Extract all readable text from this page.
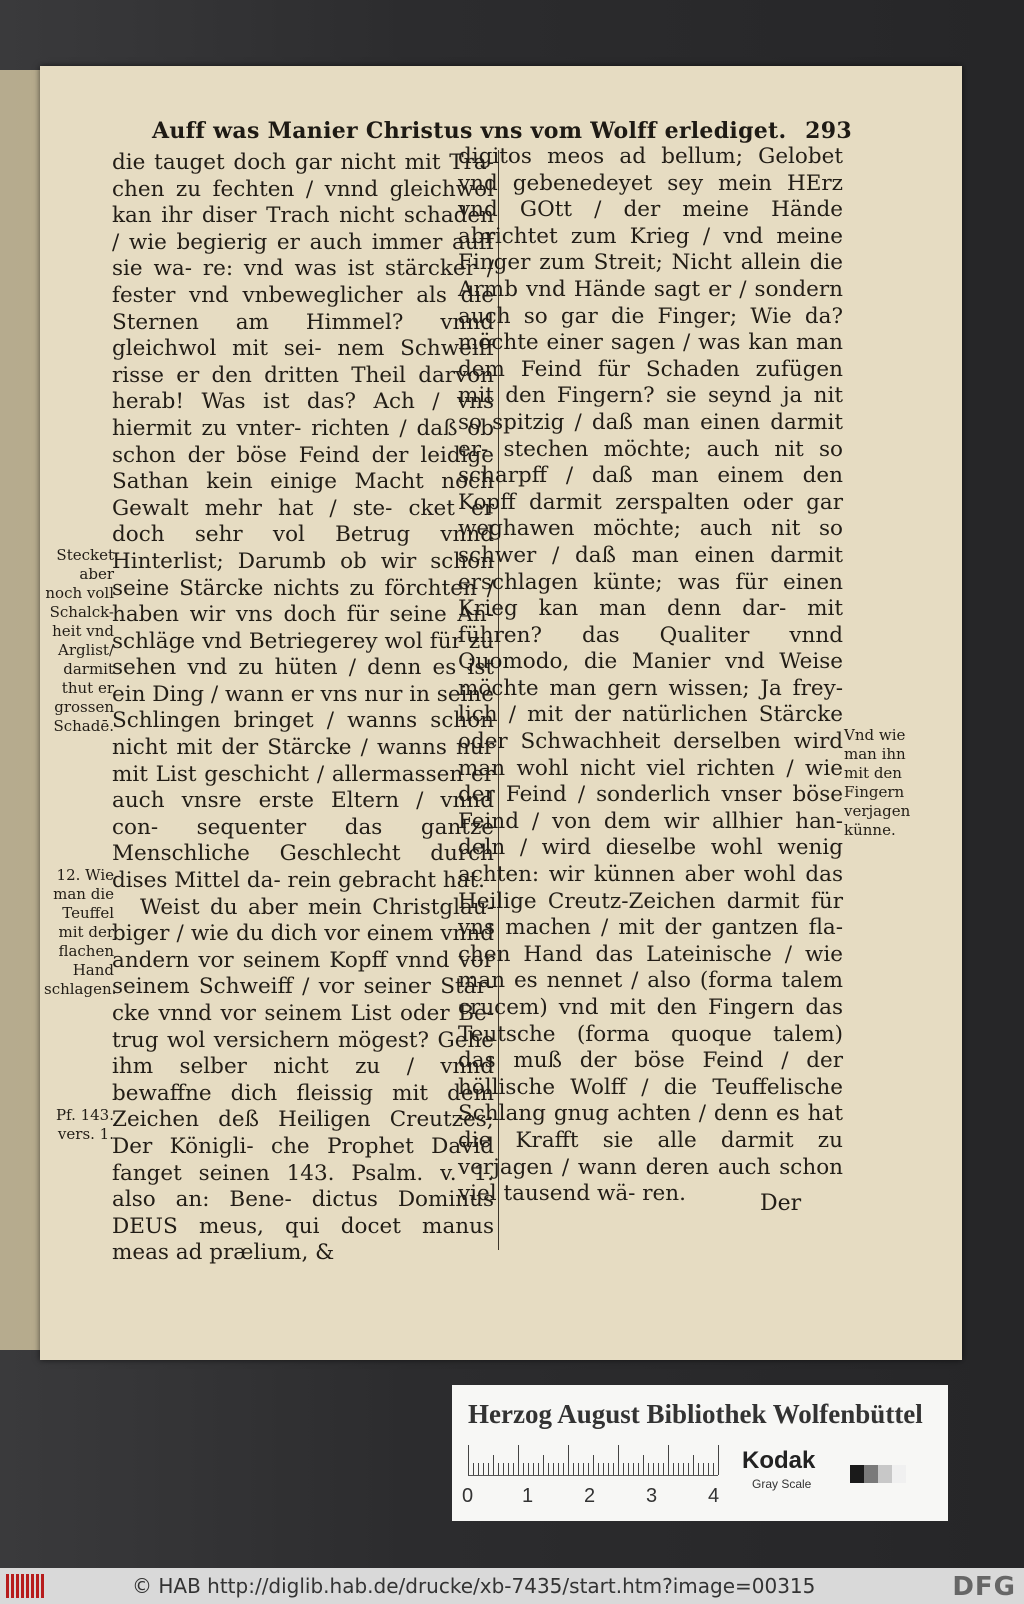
Auff was Manier Christus vns vom Wolff erlediget. 293

die tauget doch gar nicht mit Tra- chen zu fechten / vnnd gleichwol kan ihr diser Trach nicht schaden / wie begierig er auch immer auff sie wa- re: vnd was ist stärcker / fester vnd vnbeweglicher als die Sternen am Himmel? vnnd gleichwol mit sei- nem Schweiff risse er den dritten Theil darvon herab! Was ist das? Ach / vns hiermit zu vnter- richten / daß ob schon der böse Feind der leidige Sathan kein einige Macht noch Gewalt mehr hat / ste- cket er doch sehr vol Betrug vnnd Hinterlist; Darumb ob wir schon seine Stärcke nichts zu förchten / haben wir vns doch für seine An- schläge vnd Betriegerey wol für zu sehen vnd zu hüten / denn es ist ein Ding / wann er vns nur in seine Schlingen bringet / wanns schon nicht mit der Stärcke / wanns nur mit List geschicht / allermassen er auch vnsre erste Eltern / vnnd con- sequenter das gantze Menschliche Geschlecht durch dises Mittel da- rein gebracht hat.

Weist du aber mein Christglau- biger / wie du dich vor einem vnnd andern vor seinem Kopff vnnd vor seinem Schweiff / vor seiner Stär- cke vnnd vor seinem List oder Be- trug wol versichern mögest? Gehe ihm selber nicht zu / vnnd bewaffne dich fleissig mit dem Zeichen deß Heiligen Creutzes; Der Königli- che Prophet David fanget seinen 143. Psalm. v. 1. also an: Bene- dictus Dominus DEUS meus, qui docet manus meas ad prælium, &

digitos meos ad bellum; Gelobet vnd gebenedeyet sey mein HErz vnd GOtt / der meine Hände abrichtet zum Krieg / vnd meine Finger zum Streit; Nicht allein die Armb vnd Hände sagt er / sondern auch so gar die Finger; Wie da? möchte einer sagen / was kan man dem Feind für Schaden zufügen mit den Fingern? sie seynd ja nit so spitzig / daß man einen darmit er- stechen möchte; auch nit so scharpff / daß man einem den Kopff darmit zerspalten oder gar weghawen möchte; auch nit so schwer / daß man einen darmit erschlagen künte; was für einen Krieg kan man denn dar- mit führen? das Qualiter vnnd Quomodo, die Manier vnd Weise möchte man gern wissen; Ja frey- lich / mit der natürlichen Stärcke oder Schwachheit derselben wird man wohl nicht viel richten / wie der Feind / sonderlich vnser böse Feind / von dem wir allhier han- deln / wird dieselbe wohl wenig achten: wir künnen aber wohl das Heilige Creutz-Zeichen darmit für vns machen / mit der gantzen fla- chen Hand das Lateinische / wie man es nennet / also (forma talem crucem) vnd mit den Fingern das Teutsche (forma quoque talem) das muß der böse Feind / der höllische Wolff / die Teuffelische Schlang gnug achten / denn es hat die Krafft sie alle darmit zu verjagen / wann deren auch schon viel tausend wä- ren.

Stecket aber noch voll Schalck- heit vnd Arglist/ darmit thut er grossen Schadē.
12. Wie man die Teuffel mit der flachen Hand schlagen.
Pf. 143. vers. 1.
Vnd wie man ihn mit den Fingern verjagen künne.
Der
Herzog August Bibliothek Wolfenbüttel
0 1	2	3	4
Kodak
Gray Scale
© HAB http://diglib.hab.de/drucke/xb-7435/start.htm?image=00315	DFG
